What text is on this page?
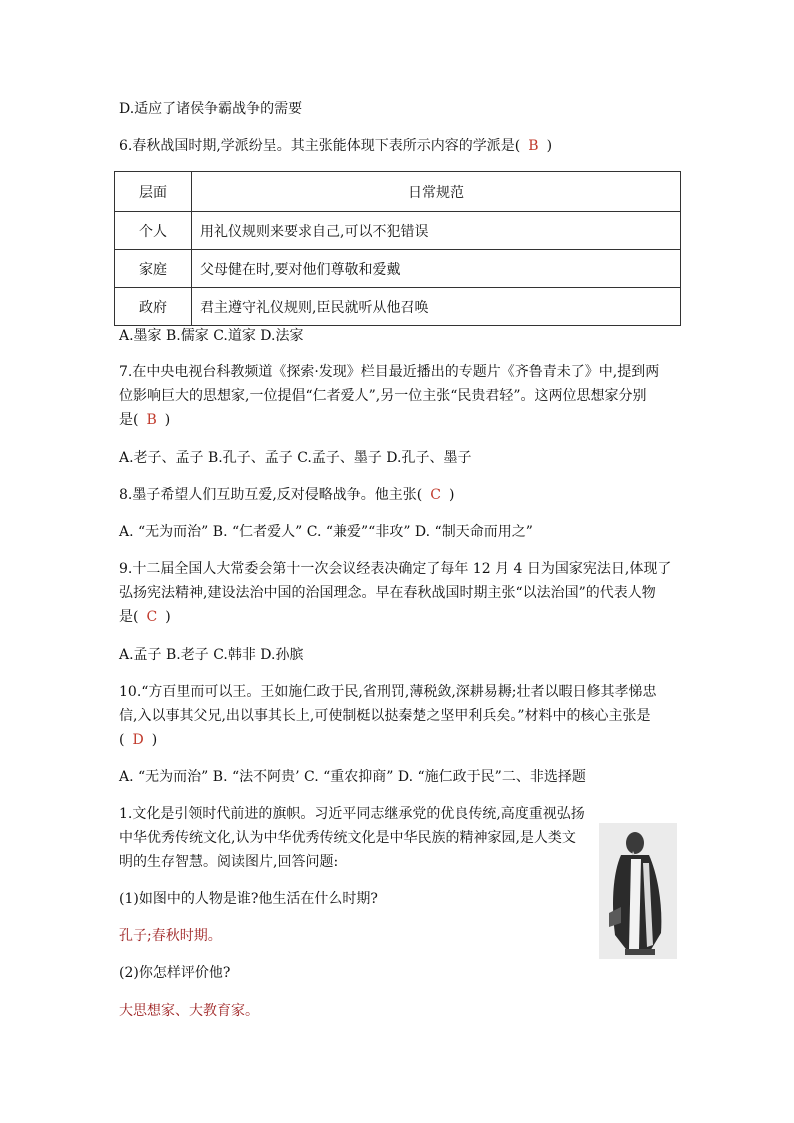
D.适应了诸侯争霸战争的需要
6.春秋战国时期,学派纷呈。其主张能体现下表所示内容的学派是( B )
层面	日常规范
个人	用礼仪规则来要求自己,可以不犯错误
家庭	父母健在时,要对他们尊敬和爱戴
政府	君主遵守礼仪规则,臣民就听从他召唤
A.墨家 B.儒家 C.道家 D.法家
7.在中央电视台科教频道《探索·发现》栏目最近播出的专题片《齐鲁青未了》中,提到两
位影响巨大的思想家,一位提倡“仁者爱人”,另一位主张“民贵君轻”。这两位思想家分别
是( B )
A.老子、孟子 B.孔子、孟子 C.孟子、墨子 D.孔子、墨子
8.墨子希望人们互助互爱,反对侵略战争。他主张( C )
A. “无为而治” B. “仁者爱人” C. “兼爱”“非攻” D. “制天命而用之”
9.十二届全国人大常委会第十一次会议经表决确定了每年 12 月 4 日为国家宪法日,体现了
弘扬宪法精神,建设法治中国的治国理念。早在春秋战国时期主张“以法治国”的代表人物
是( C )
A.孟子 B.老子 C.韩非 D.孙膑
10.“方百里而可以王。王如施仁政于民,省刑罚,薄税敛,深耕易耨;壮者以暇日修其孝悌忠
信,入以事其父兄,出以事其长上,可使制梃以挞秦楚之坚甲利兵矣。”材料中的核心主张是
( D )
A. “无为而治” B. “法不阿贵’ C. “重农抑商” D. “施仁政于民”二、非选择题
1.文化是引领时代前进的旗帜。习近平同志继承党的优良传统,高度重视弘扬
中华优秀传统文化,认为中华优秀传统文化是中华民族的精神家园,是人类文
明的生存智慧。阅读图片,回答问题:
(1)如图中的人物是谁?他生活在什么时期?
孔子;春秋时期。
(2)你怎样评价他?
大思想家、大教育家。
